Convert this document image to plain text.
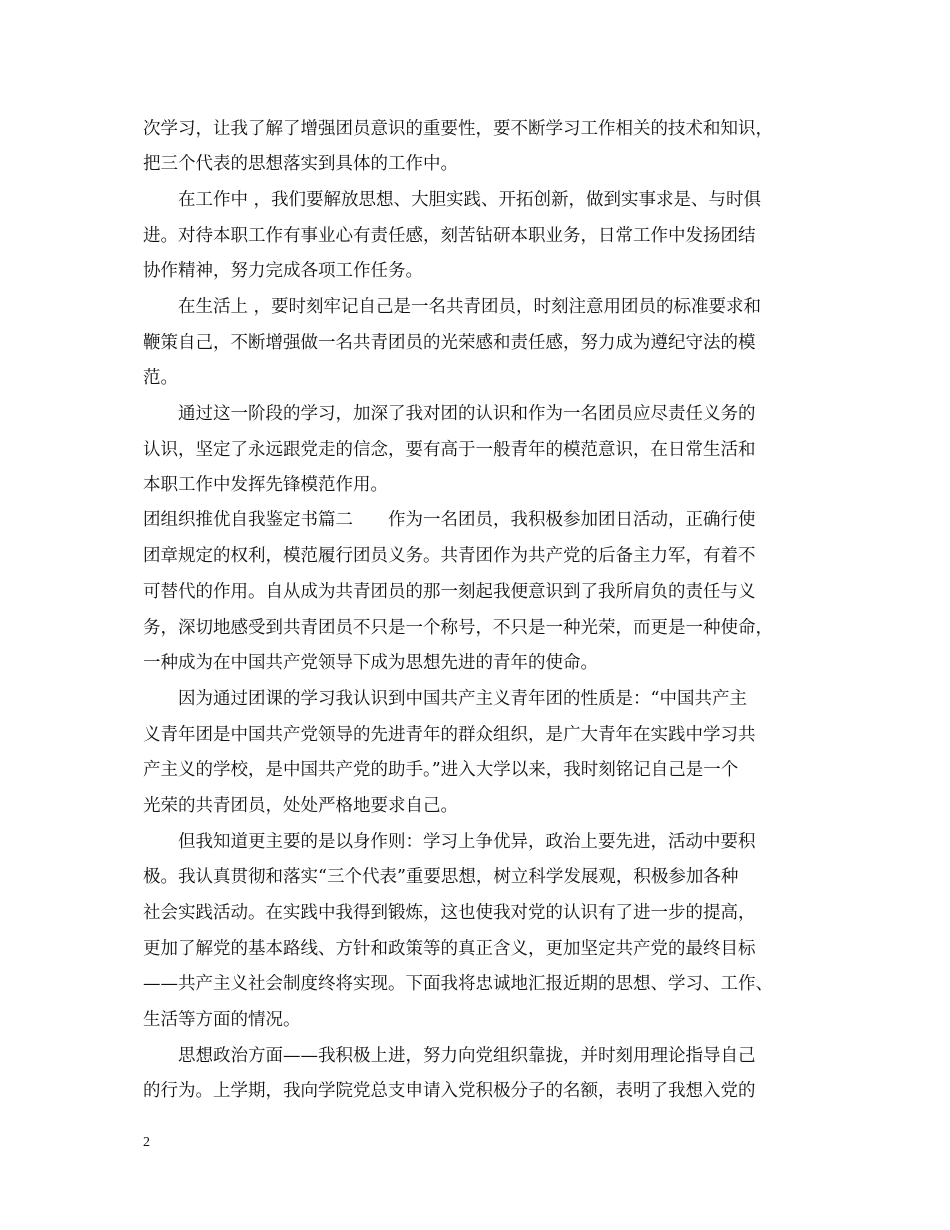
次学习，让我了解了增强团员意识的重要性，要不断学习工作相关的技术和知识，
把三个代表的思想落实到具体的工作中。
　　在工作中 ，我们要解放思想、大胆实践、开拓创新，做到实事求是、与时俱
进。对待本职工作有事业心有责任感，刻苦钻研本职业务，日常工作中发扬团结
协作精神，努力完成各项工作任务。
　　在生活上 ，要时刻牢记自己是一名共青团员，时刻注意用团员的标准要求和
鞭策自己，不断增强做一名共青团员的光荣感和责任感，努力成为遵纪守法的模
范。
　　通过这一阶段的学习，加深了我对团的认识和作为一名团员应尽责任义务的
认识，坚定了永远跟党走的信念，要有高于一般青年的模范意识，在日常生活和
本职工作中发挥先锋模范作用。
团组织推优自我鉴定书篇二　　作为一名团员，我积极参加团日活动，正确行使
团章规定的权利，模范履行团员义务。共青团作为共产党的后备主力军，有着不
可替代的作用。自从成为共青团员的那一刻起我便意识到了我所肩负的责任与义
务，深切地感受到共青团员不只是一个称号，不只是一种光荣，而更是一种使命，
一种成为在中国共产党领导下成为思想先进的青年的使命。
　　因为通过团课的学习我认识到中国共产主义青年团的性质是：“中国共产主
义青年团是中国共产党领导的先进青年的群众组织，是广大青年在实践中学习共
产主义的学校，是中国共产党的助手。”进入大学以来，我时刻铭记自己是一个
光荣的共青团员，处处严格地要求自己。
　　但我知道更主要的是以身作则：学习上争优异，政治上要先进，活动中要积
极。我认真贯彻和落实“三个代表”重要思想，树立科学发展观，积极参加各种
社会实践活动。在实践中我得到锻炼，这也使我对党的认识有了进一步的提高，
更加了解党的基本路线、方针和政策等的真正含义，更加坚定共产党的最终目标
——共产主义社会制度终将实现。下面我将忠诚地汇报近期的思想、学习、工作、
生活等方面的情况。
　　思想政治方面——我积极上进，努力向党组织靠拢，并时刻用理论指导自己
的行为。上学期，我向学院党总支申请入党积极分子的名额，表明了我想入党的
2
